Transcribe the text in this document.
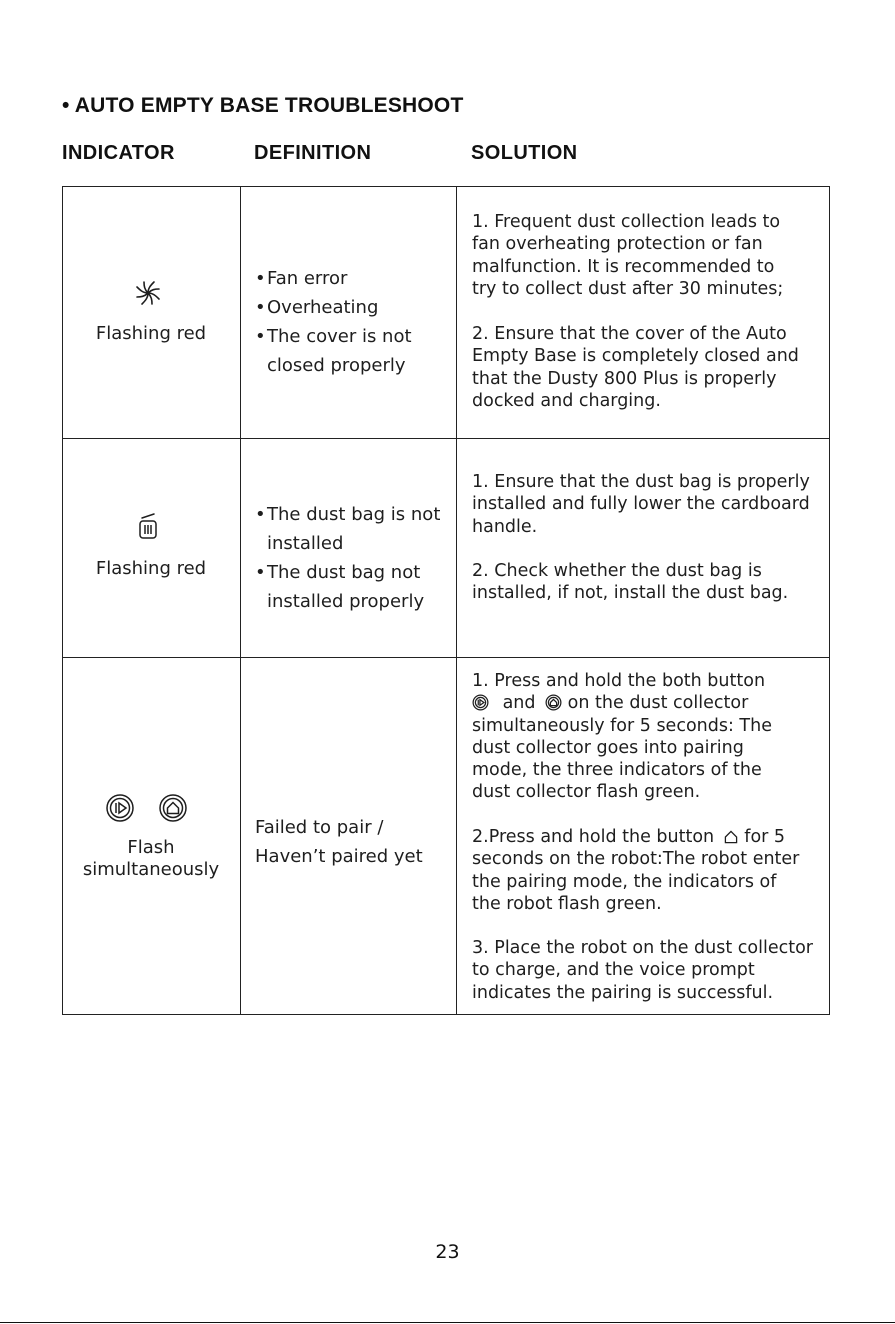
• AUTO EMPTY BASE TROUBLESHOOT
INDICATOR	DEFINITION	SOLUTION
Flashing red
• Fan error
• Overheating
• The cover is not
closed properly
1. Frequent dust collection leads to
fan overheating protection or fan
malfunction. It is recommended to
try to collect dust after 30 minutes;
2. Ensure that the cover of the Auto
Empty Base is completely closed and
that the Dusty 800 Plus is properly
docked and charging.
Flashing red
• The dust bag is not
installed
• The dust bag not
installed properly
1. Ensure that the dust bag is properly
installed and fully lower the cardboard
handle.
2. Check whether the dust bag is
installed, if not, install the dust bag.
Flash
simultaneously
Failed to pair /
Haven’t paired yet
1. Press and hold the both button
and on the dust collector
simultaneously for 5 seconds: The
dust collector goes into pairing
mode, the three indicators of the
dust collector flash green.
2.Press and hold the button for 5
seconds on the robot:The robot enter
the pairing mode, the indicators of
the robot flash green.
3. Place the robot on the dust collector
to charge, and the voice prompt
indicates the pairing is successful.
23
